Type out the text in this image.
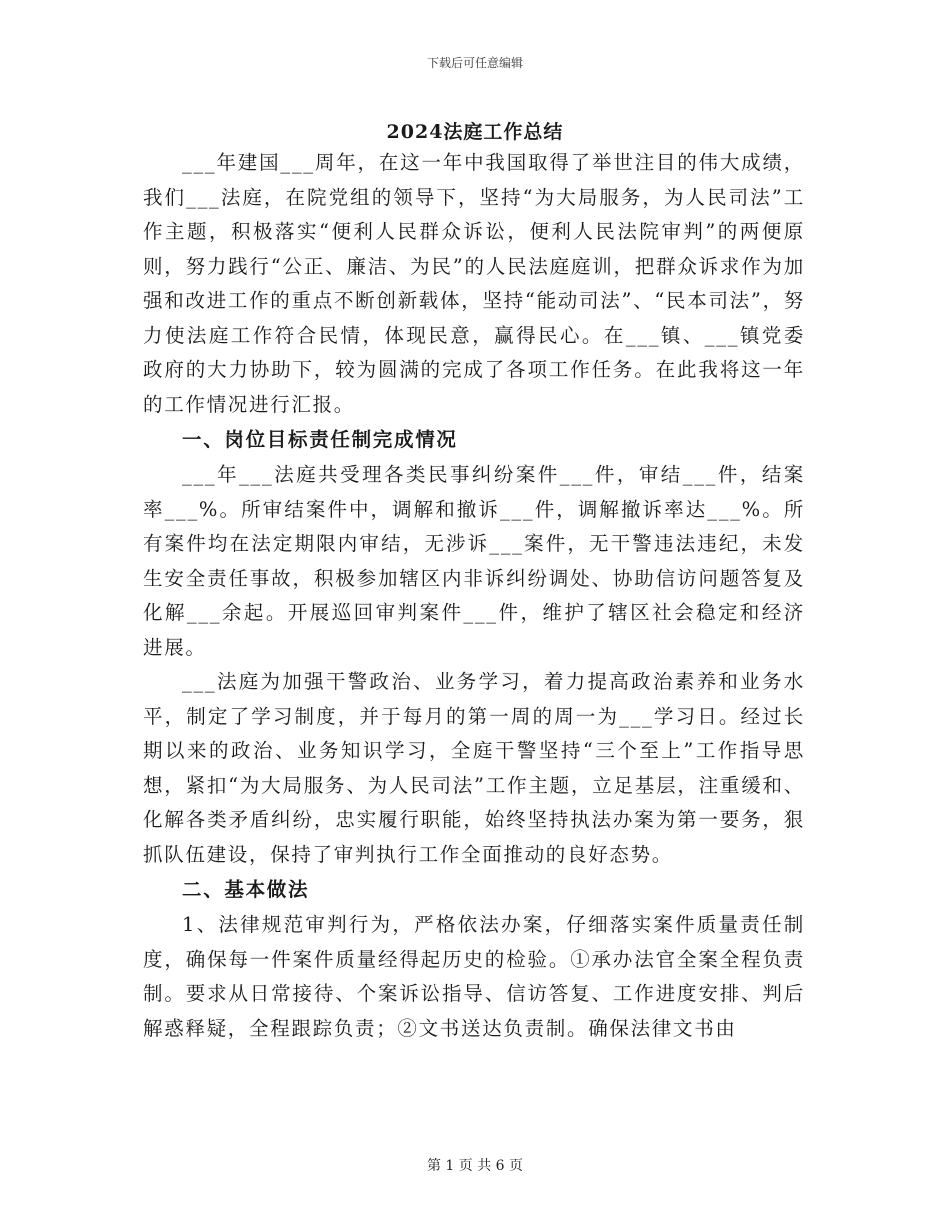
下载后可任意编辑
2024法庭工作总结

___年建国___周年，在这一年中我国取得了举世注目的伟大成绩，我们___法庭，在院党组的领导下，坚持“为大局服务，为人民司法”工作主题，积极落实“便利人民群众诉讼，便利人民法院审判”的两便原则，努力践行“公正、廉洁、为民”的人民法庭庭训，把群众诉求作为加强和改进工作的重点不断创新载体，坚持“能动司法”、“民本司法”，努力使法庭工作符合民情，体现民意，赢得民心。在___镇、___镇党委政府的大力协助下，较为圆满的完成了各项工作任务。在此我将这一年的工作情况进行汇报。

一、岗位目标责任制完成情况

___年___法庭共受理各类民事纠纷案件___件，审结___件，结案率___%。所审结案件中，调解和撤诉___件，调解撤诉率达___%。所有案件均在法定期限内审结，无涉诉___案件，无干警违法违纪，未发生安全责任事故，积极参加辖区内非诉纠纷调处、协助信访问题答复及化解___余起。开展巡回审判案件___件，维护了辖区社会稳定和经济进展。

___法庭为加强干警政治、业务学习，着力提高政治素养和业务水平，制定了学习制度，并于每月的第一周的周一为___学习日。经过长期以来的政治、业务知识学习，全庭干警坚持“三个至上”工作指导思想，紧扣“为大局服务、为人民司法”工作主题，立足基层，注重缓和、化解各类矛盾纠纷，忠实履行职能，始终坚持执法办案为第一要务，狠抓队伍建设，保持了审判执行工作全面推动的良好态势。

二、基本做法

1、法律规范审判行为，严格依法办案，仔细落实案件质量责任制度，确保每一件案件质量经得起历史的检验。①承办法官全案全程负责制。要求从日常接待、个案诉讼指导、信访答复、工作进度安排、判后解惑释疑，全程跟踪负责；②文书送达负责制。确保法律文书由

第 1 页 共 6 页
